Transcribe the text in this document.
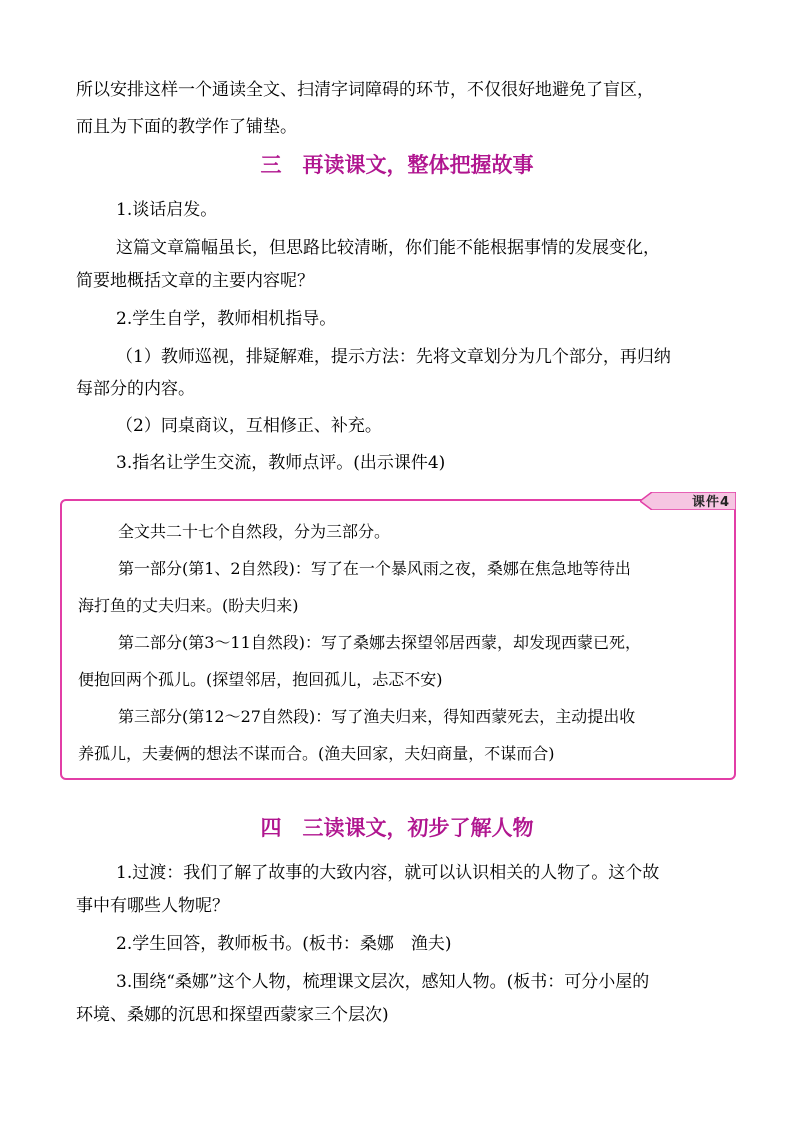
所以安排这样一个通读全文、扫清字词障碍的环节，不仅很好地避免了盲区，

而且为下面的教学作了铺垫。

三　再读课文，整体把握故事

1.谈话启发。

这篇文章篇幅虽长，但思路比较清晰，你们能不能根据事情的发展变化，

简要地概括文章的主要内容呢？

2.学生自学，教师相机指导。

（1）教师巡视，排疑解难，提示方法：先将文章划分为几个部分，再归纳

每部分的内容。

（2）同桌商议，互相修正、补充。

3.指名让学生交流，教师点评。(出示课件4)

课件4

全文共二十七个自然段，分为三部分。

第一部分(第1、2自然段)：写了在一个暴风雨之夜，桑娜在焦急地等待出

海打鱼的丈夫归来。(盼夫归来)

第二部分(第3～11自然段)：写了桑娜去探望邻居西蒙，却发现西蒙已死，

便抱回两个孤儿。(探望邻居，抱回孤儿，忐忑不安)

第三部分(第12～27自然段)：写了渔夫归来，得知西蒙死去，主动提出收

养孤儿，夫妻俩的想法不谋而合。(渔夫回家，夫妇商量，不谋而合)

四　三读课文，初步了解人物

1.过渡：我们了解了故事的大致内容，就可以认识相关的人物了。这个故

事中有哪些人物呢？

2.学生回答，教师板书。(板书：桑娜　渔夫)

3.围绕“桑娜”这个人物，梳理课文层次，感知人物。(板书：可分小屋的

环境、桑娜的沉思和探望西蒙家三个层次)
